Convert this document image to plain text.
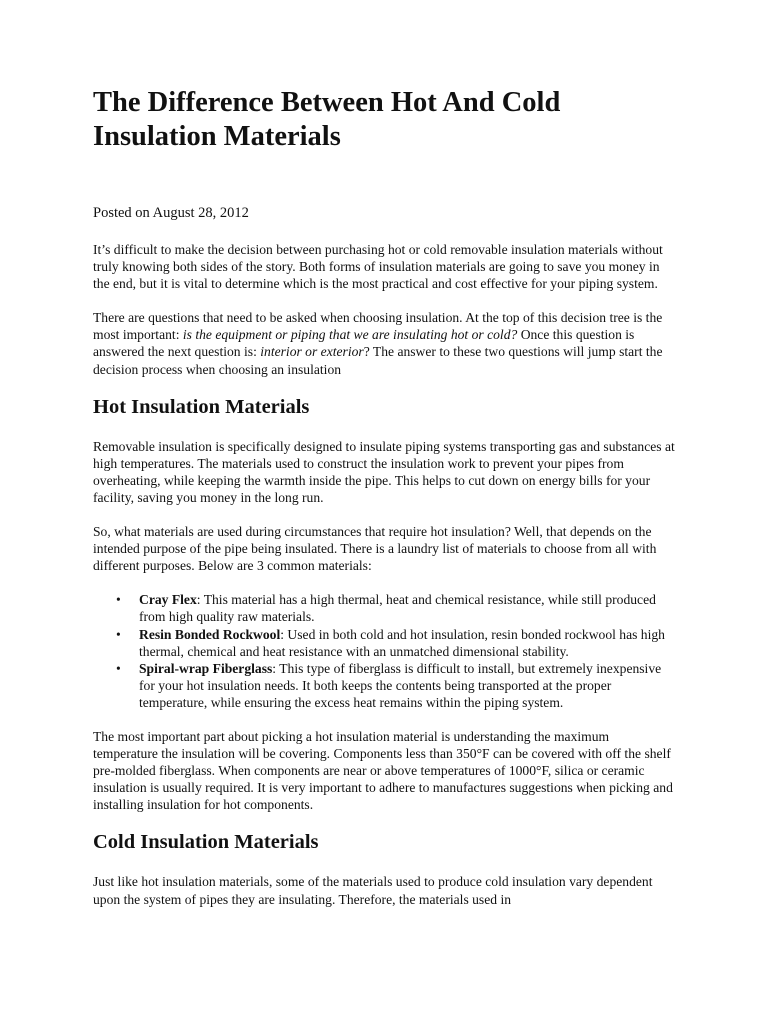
The Difference Between Hot And Cold
Insulation Materials
Posted on August 28, 2012

It’s difficult to make the decision between purchasing hot or cold removable insulation materials without truly knowing both sides of the story. Both forms of insulation materials are going to save you money in the end, but it is vital to determine which is the most practical and cost effective for your piping system.

There are questions that need to be asked when choosing insulation. At the top of this decision tree is the most important: is the equipment or piping that we are insulating hot or cold? Once this question is answered the next question is: interior or exterior? The answer to these two questions will jump start the decision process when choosing an insulation

Hot Insulation Materials

Removable insulation is specifically designed to insulate piping systems transporting gas and substances at high temperatures. The materials used to construct the insulation work to prevent your pipes from overheating, while keeping the warmth inside the pipe. This helps to cut down on energy bills for your facility, saving you money in the long run.

So, what materials are used during circumstances that require hot insulation? Well, that depends on the intended purpose of the pipe being insulated. There is a laundry list of materials to choose from all with different purposes. Below are 3 common materials:

• Cray Flex: This material has a high thermal, heat and chemical resistance, while still produced from high quality raw materials.
• Resin Bonded Rockwool: Used in both cold and hot insulation, resin bonded rockwool has high thermal, chemical and heat resistance with an unmatched dimensional stability.
• Spiral-wrap Fiberglass: This type of fiberglass is difficult to install, but extremely inexpensive for your hot insulation needs. It both keeps the contents being transported at the proper temperature, while ensuring the excess heat remains within the piping system.

The most important part about picking a hot insulation material is understanding the maximum temperature the insulation will be covering. Components less than 350°F can be covered with off the shelf pre-molded fiberglass. When components are near or above temperatures of 1000°F, silica or ceramic insulation is usually required. It is very important to adhere to manufactures suggestions when picking and installing insulation for hot components.

Cold Insulation Materials

Just like hot insulation materials, some of the materials used to produce cold insulation vary dependent upon the system of pipes they are insulating. Therefore, the materials used in
